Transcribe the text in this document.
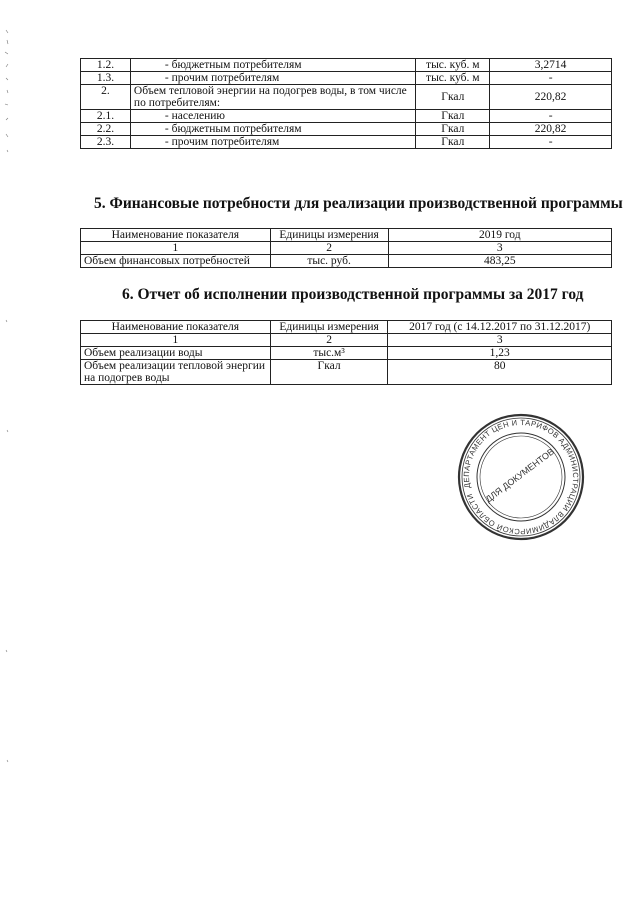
1.2.	- бюджетным потребителям	тыс. куб. м	3,2714
1.3.	- прочим потребителям	тыс. куб. м	-
2.	Объем тепловой энергии на подогрев воды, в том числе по потребителям:	Гкал	220,82
2.1.	- населению	Гкал	-
2.2.	- бюджетным потребителям	Гкал	220,82
2.3.	- прочим потребителям	Гкал	-
5. Финансовые потребности для реализации производственной программы
Наименование показателя	Единицы измерения	2019 год
1	2	3
Объем финансовых потребностей	тыс. руб.	483,25
6. Отчет об исполнении производственной программы за 2017 год
Наименование показателя	Единицы измерения	2017 год (с 14.12.2017 по 31.12.2017)
1	2	3
Объем реализации воды	тыс.м³	1,23
Объем реализации тепловой энергии на подогрев воды	Гкал	80
ДЕПАРТАМЕНТ ЦЕН И ТАРИФОВ АДМИНИСТРАЦИИ ВЛАДИМИРСКОЙ ОБЛАСТИ ДЛЯ ДОКУМЕНТОВ
